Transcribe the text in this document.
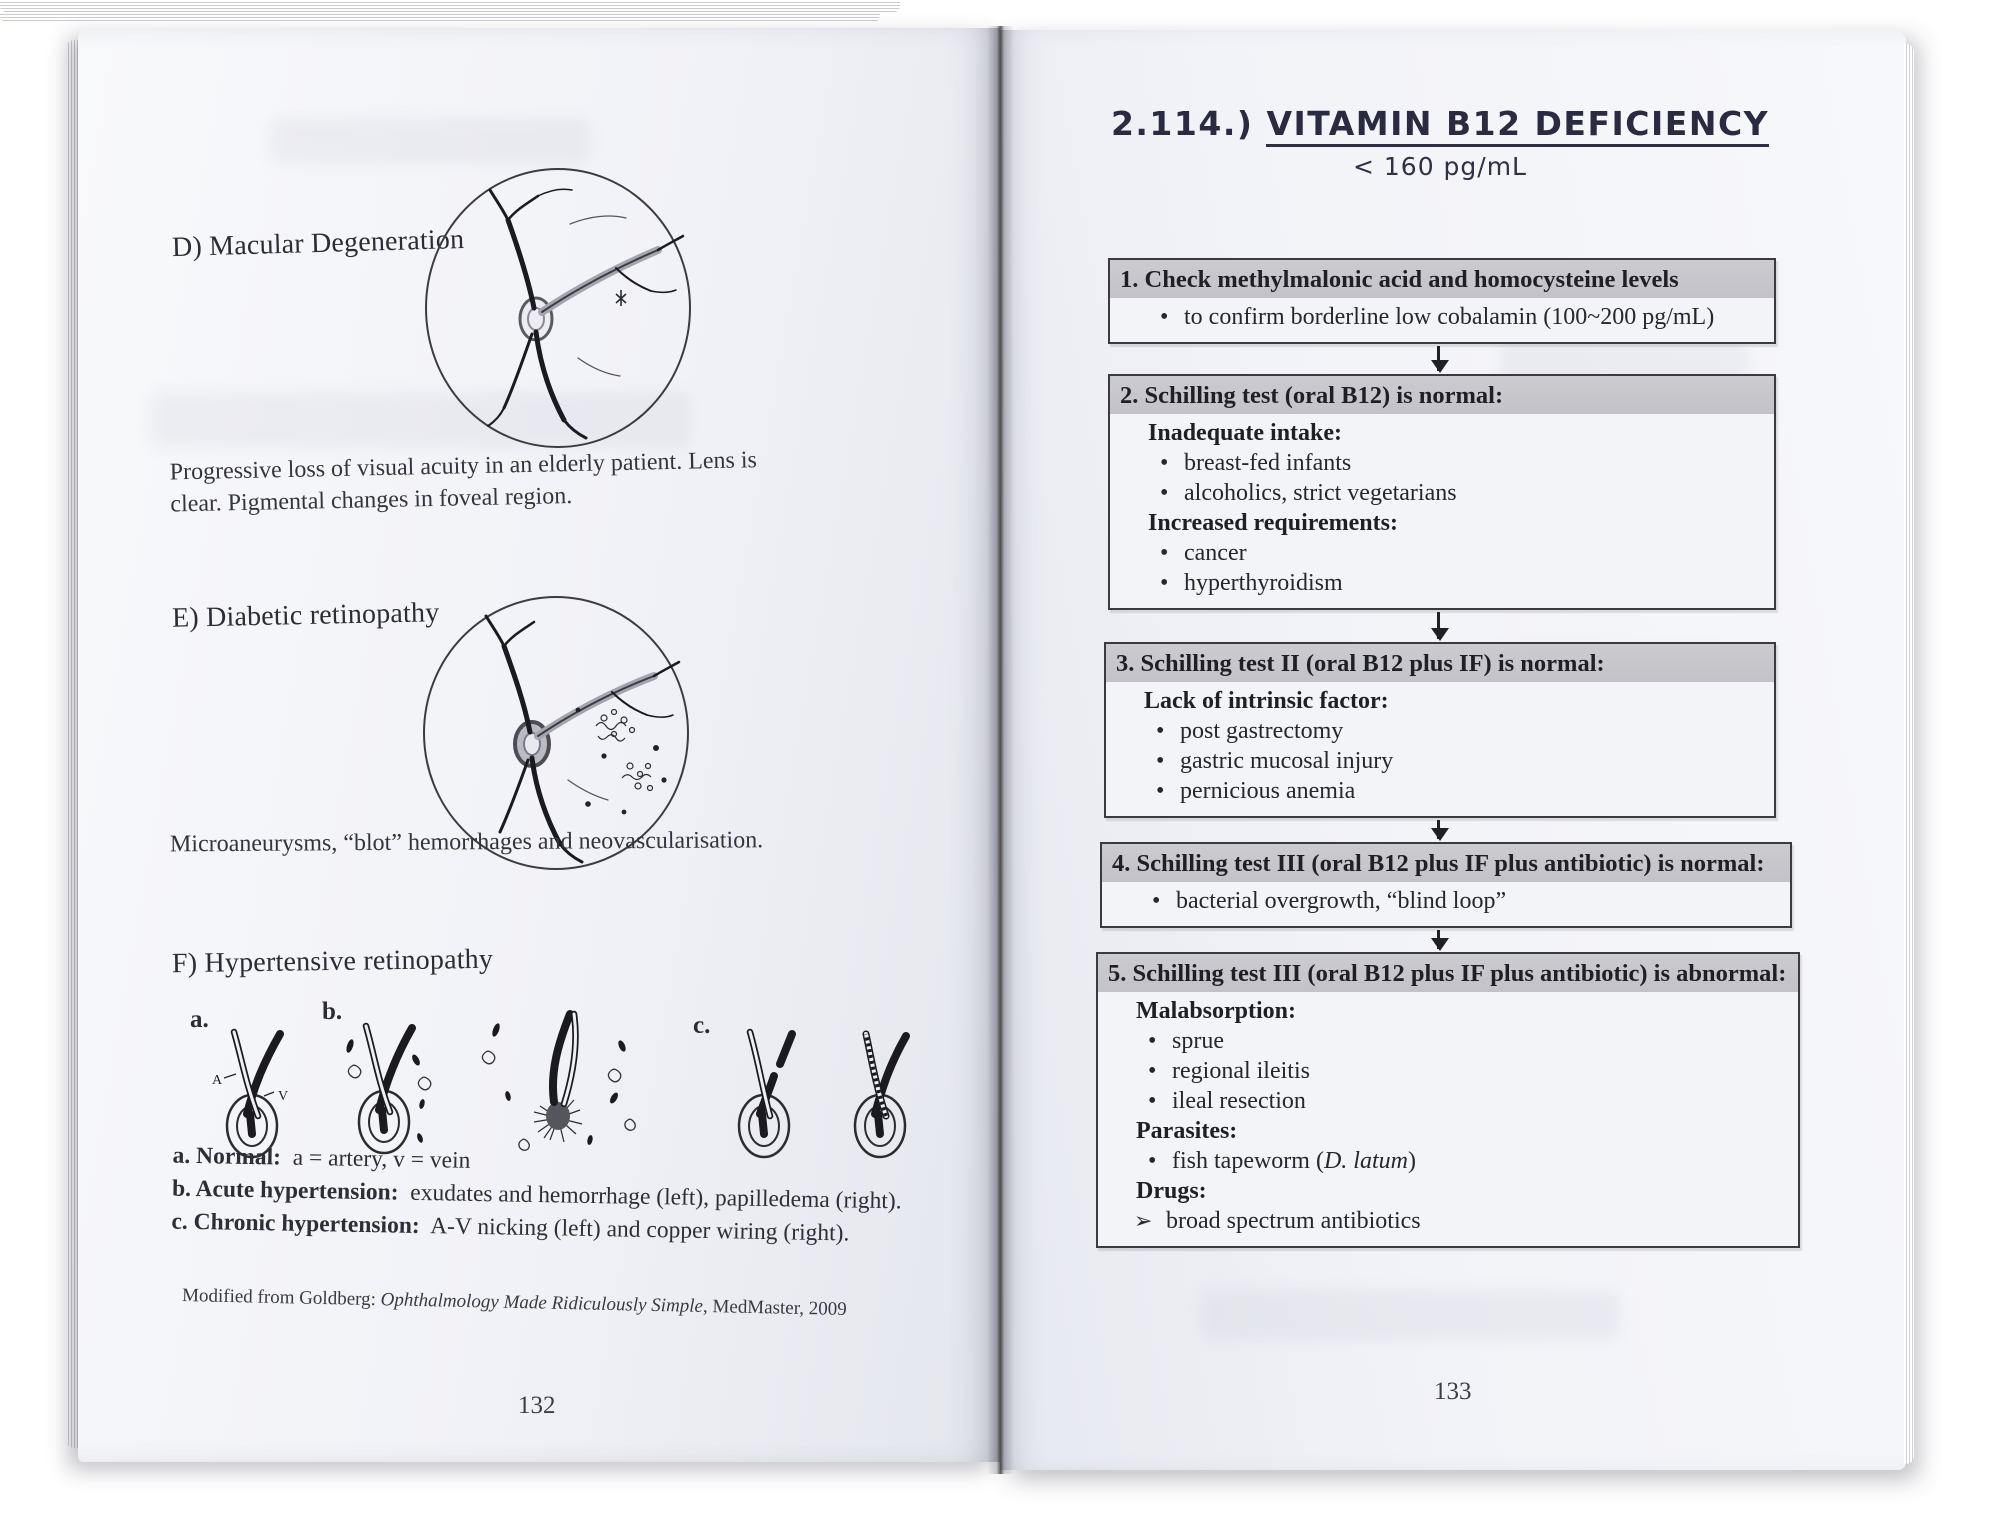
D) Macular Degeneration
Progressive loss of visual acuity in an elderly patient. Lens is clear. Pigmental changes in foveal region.
E) Diabetic retinopathy
Microaneurysms, “blot” hemorrhages and neovascularisation.
F) Hypertensive retinopathy
a.	b.
c.
A
V
a. Normal: a = artery, v = vein
b. Acute hypertension: exudates and hemorrhage (left), papilledema (right).
c. Chronic hypertension: A-V nicking (left) and copper wiring (right).
Modified from Goldberg: Ophthalmology Made Ridiculously Simple, MedMaster, 2009
132
2.114.) VITAMIN B12 DEFICIENCY
< 160 pg/mL
1. Check methylmalonic acid and homocysteine levels
• to confirm borderline low cobalamin (100~200 pg/mL)
2. Schilling test (oral B12) is normal:
Inadequate intake:
• breast-fed infants
• alcoholics, strict vegetarians
Increased requirements:
• cancer
• hyperthyroidism
3. Schilling test II (oral B12 plus IF) is normal:
Lack of intrinsic factor:
• post gastrectomy
• gastric mucosal injury
• pernicious anemia
4. Schilling test III (oral B12 plus IF plus antibiotic) is normal:
• bacterial overgrowth, “blind loop”
5. Schilling test III (oral B12 plus IF plus antibiotic) is abnormal:
Malabsorption:
• sprue
• regional ileitis
• ileal resection
Parasites:
• fish tapeworm (D. latum)
Drugs:
➢ broad spectrum antibiotics
133
